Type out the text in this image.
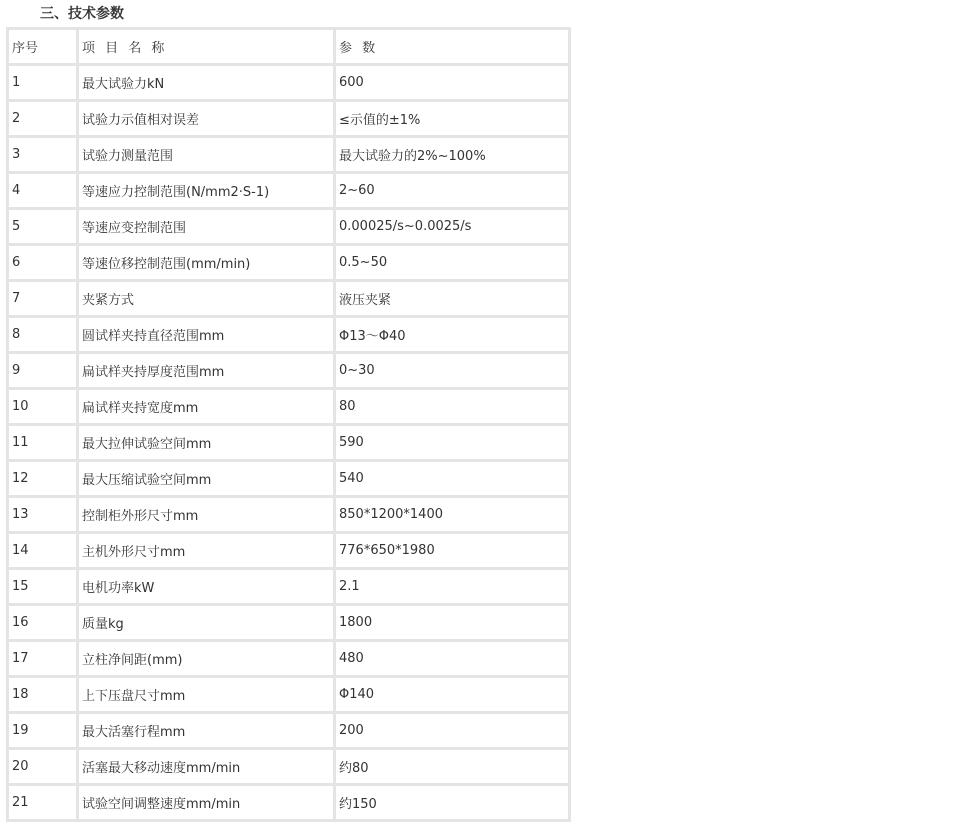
三、技术参数
序号	项 目 名 称	参 数
1	最大试验力kN	600
2	试验力示值相对误差	≤示值的±1%
3	试验力测量范围	最大试验力的2%~100%
4	等速应力控制范围(N/mm2·S-1)	2~60
5	等速应变控制范围	0.00025/s~0.0025/s
6	等速位移控制范围(mm/min)	0.5~50
7	夹紧方式	液压夹紧
8	圆试样夹持直径范围mm	Φ13～Φ40
9	扁试样夹持厚度范围mm	0~30
10	扁试样夹持宽度mm	80
11	最大拉伸试验空间mm	590
12	最大压缩试验空间mm	540
13	控制柜外形尺寸mm	850*1200*1400
14	主机外形尺寸mm	776*650*1980
15	电机功率kW	2.1
16	质量kg	1800
17	立柱净间距(mm)	480
18	上下压盘尺寸mm	Φ140
19	最大活塞行程mm	200
20	活塞最大移动速度mm/min	约80
21	试验空间调整速度mm/min	约150
